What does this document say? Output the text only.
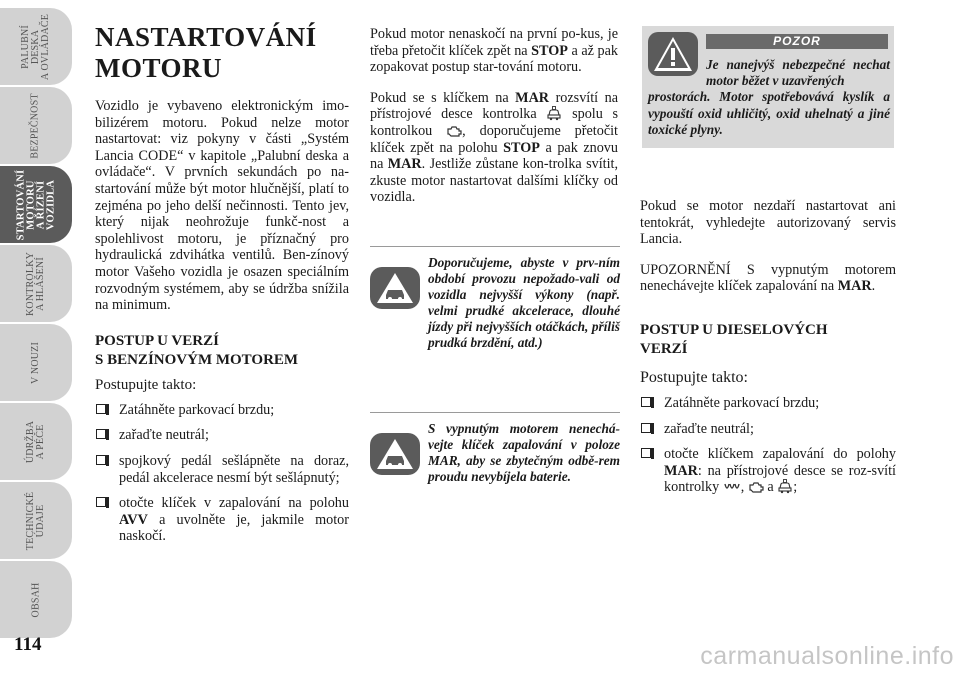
PALUBNÍ
DESKA
A OVLÁDAČE
BEZPEČNOST
STARTOVÁNÍ
MOTORU
A ŘÍZENÍ
VOZIDLA
KONTROLKY
A HLÁŠENÍ
V NOUZI
ÚDRŽBA
A PÉČE
TECHNICKÉ
ÚDAJE
OBSAH
114
NASTARTOVÁNÍ
MOTORU

Vozidlo je vybaveno elektronickým imo-bilizérem motoru. Pokud nelze motor nastartovat: viz pokyny v části „Systém Lancia CODE“ v kapitole „Palubní deska a ovládače“. V prvních sekundách po na-startování může být motor hlučnější, platí to zejména po jeho delší nečinnosti. Tento jev, který nijak neohrožuje funkč-nost a spolehlivost motoru, je příznačný pro hydraulická zdvihátka ventilů. Ben-zínový motor Vašeho vozidla je osazen speciálním rozvodným systémem, aby se údržba snížila na minimum.

POSTUP U VERZÍ
S BENZÍNOVÝM MOTOREM
Postupujte takto:
Zatáhněte parkovací brzdu;
zařaďte neutrál;
spojkový pedál sešlápněte na doraz, pedál akcelerace nesmí být sešlápnutý;
otočte klíček v zapalování na polohu AVV a uvolněte je, jakmile motor naskočí.

Pokud motor nenaskočí na první po-kus, je třeba přetočit klíček zpět na STOP a až pak zopakovat postup star-tování motoru.

Pokud se s klíčkem na MAR rozsvítí na přístrojové desce kontrolka spolu s kontrolkou , doporučujeme přetočit klíček zpět na polohu STOP a pak znovu na MAR. Jestliže zůstane kon-trolka svítit, zkuste motor nastartovat dalšími klíčky od vozidla.

Doporučujeme, abyste v prv-ním období provozu nepožado-vali od vozidla nejvyšší výkony (např. velmi prudké akcelerace, dlouhé jízdy při nejvyšších otáčkách, příliš prudká brzdění, atd.)
S vypnutým motorem nenechá-vejte klíček zapalování v poloze MAR, aby se zbytečným odbě-rem proudu nevybíjela baterie.
POZOR
Je nanejvýš nebezpečné nechat motor běžet v uzavřených
prostorách. Motor spotřebovává kyslík a vypouští oxid uhličitý, oxid uhelnatý a jiné toxické plyny.

Pokud se motor nezdaří nastartovat ani tentokrát, vyhledejte autorizovaný servis Lancia.

UPOZORNĚNÍ S vypnutým motorem nenechávejte klíček zapalování na MAR.

POSTUP U DIESELOVÝCH
VERZÍ
Postupujte takto:
Zatáhněte parkovací brzdu;
zařaďte neutrál;
otočte klíčkem zapalování do polohy MAR: na přístrojové desce se roz-svítí kontrolky , a ;
carmanualsonline.info
